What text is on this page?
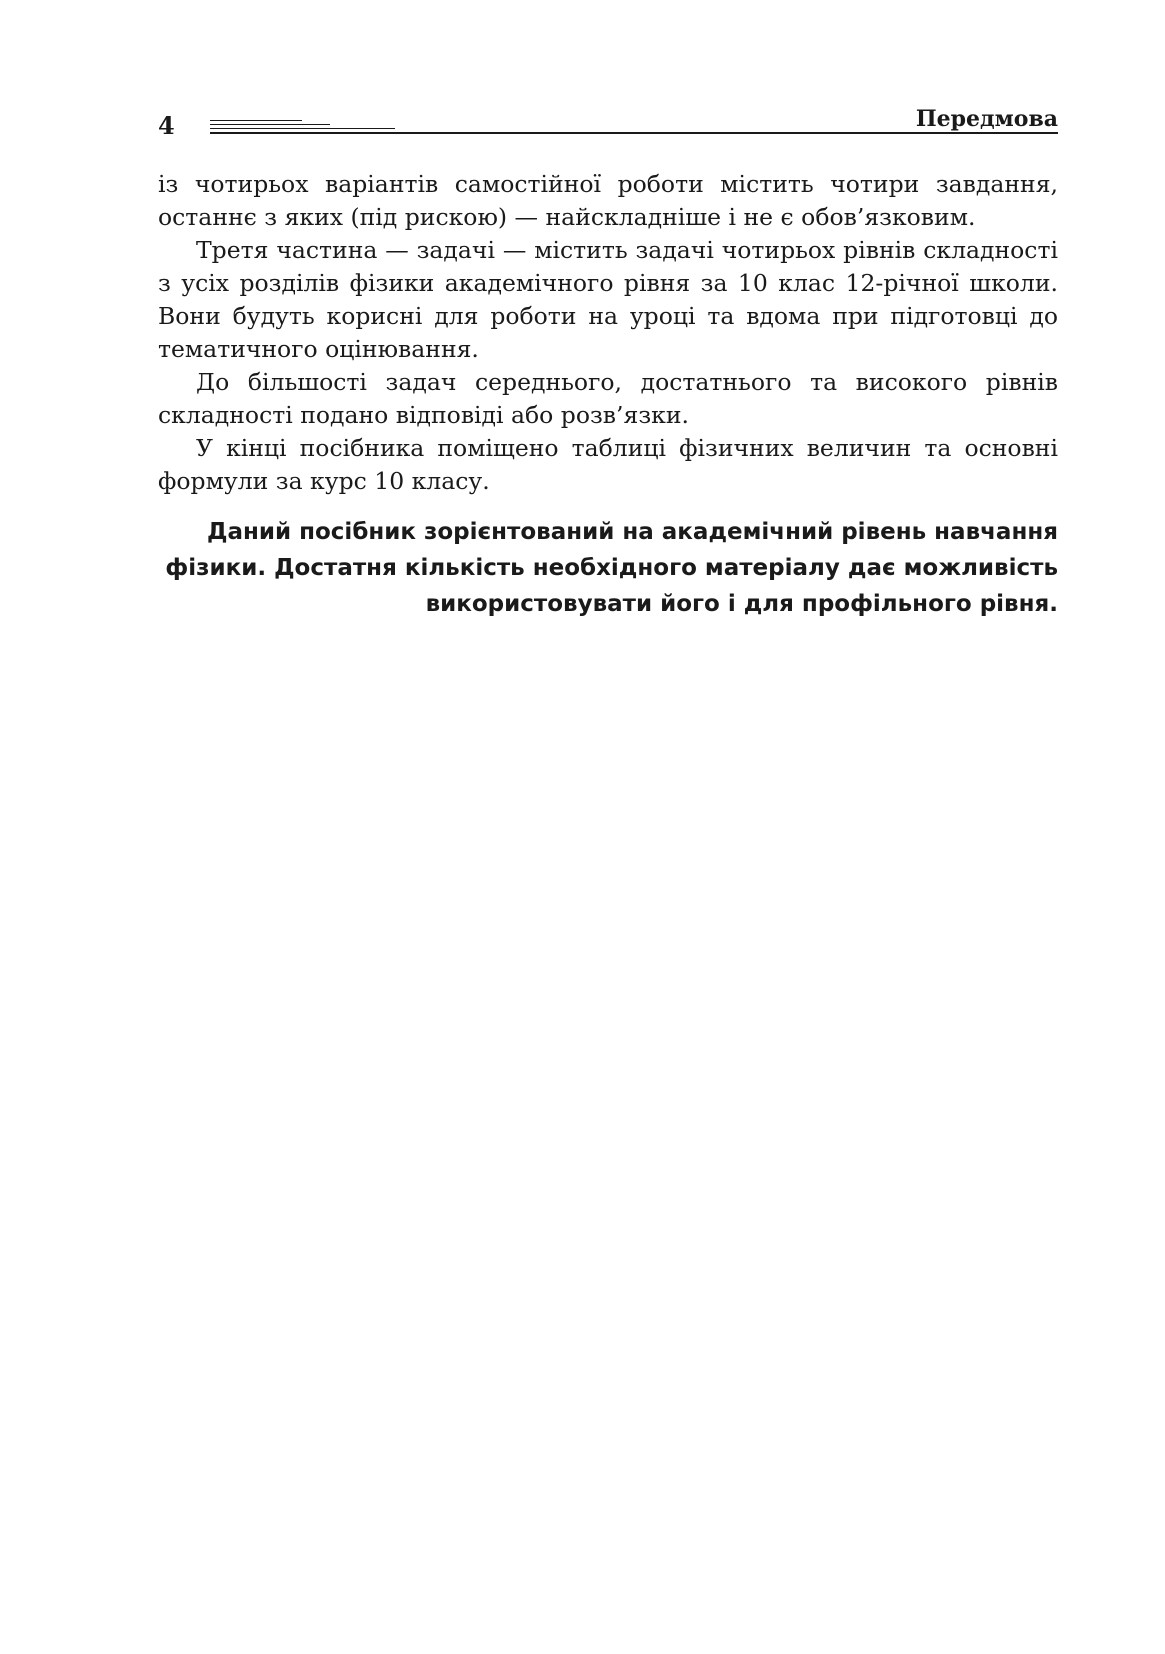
4	Передмова

із чотирьох варіантів самостійної роботи містить чотири завдання, останнє з яких (під рискою) — найскладніше і не є обов’язковим.

Третя частина — задачі — містить задачі чотирьох рівнів складності з усіх розділів фізики академічного рівня за 10 клас 12-річної школи. Вони будуть корисні для роботи на уроці та вдома при підготовці до тематичного оцінювання.

До більшості задач середнього, достатнього та високого рівнів складності подано відповіді або розв’язки.

У кінці посібника поміщено таблиці фізичних величин та основні формули за курс 10 класу.

Даний посібник зорієнтований на академічний рівень навчання
фізики. Достатня кількість необхідного матеріалу дає можливість
використовувати його і для профільного рівня.
